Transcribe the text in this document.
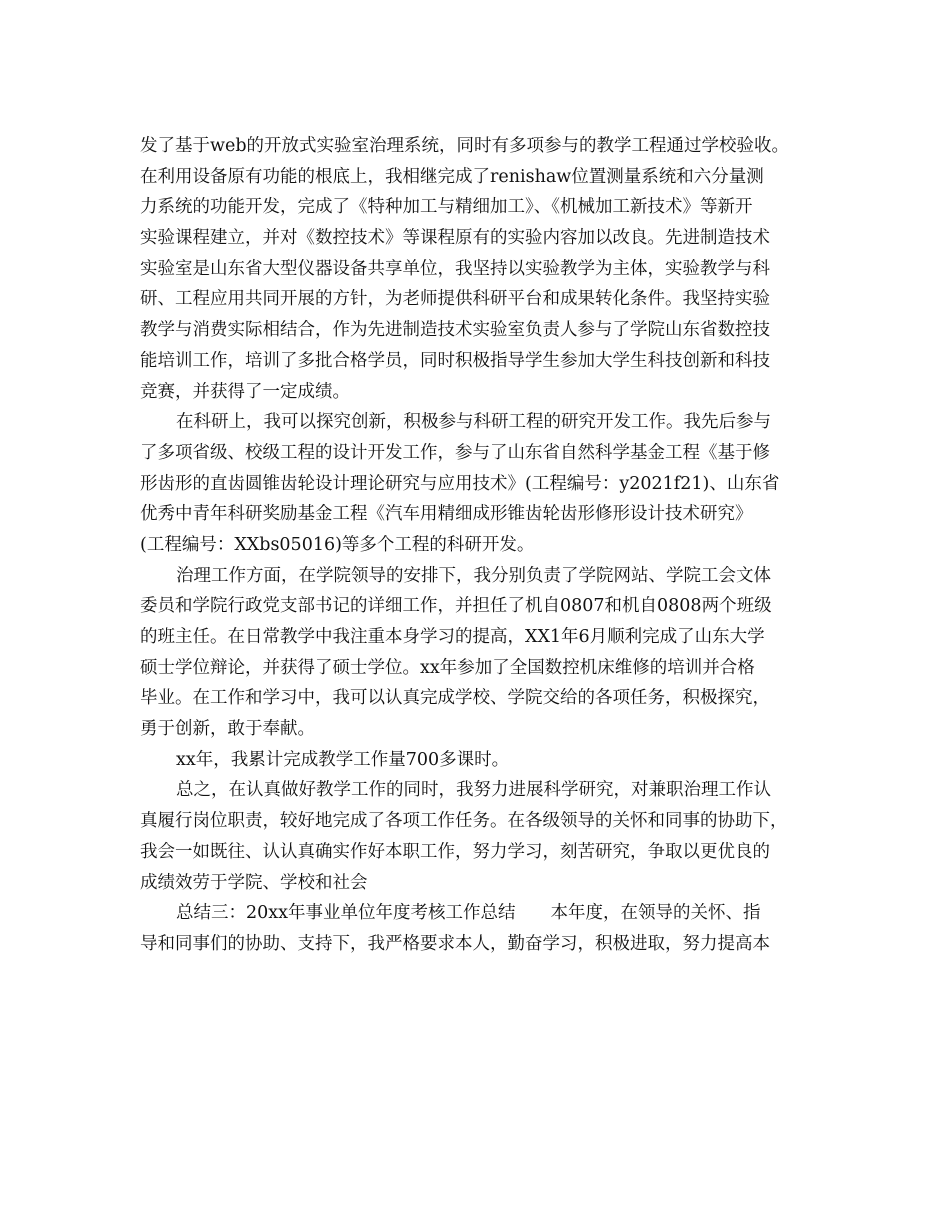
发了基于web的开放式实验室治理系统，同时有多项参与的教学工程通过学校验收。
在利用设备原有功能的根底上，我相继完成了renishaw位置测量系统和六分量测
力系统的功能开发，完成了《特种加工与精细加工》、《机械加工新技术》等新开
实验课程建立，并对《数控技术》等课程原有的实验内容加以改良。先进制造技术
实验室是山东省大型仪器设备共享单位，我坚持以实验教学为主体，实验教学与科
研、工程应用共同开展的方针，为老师提供科研平台和成果转化条件。我坚持实验
教学与消费实际相结合，作为先进制造技术实验室负责人参与了学院山东省数控技
能培训工作，培训了多批合格学员，同时积极指导学生参加大学生科技创新和科技
竞赛，并获得了一定成绩。
在科研上，我可以探究创新，积极参与科研工程的研究开发工作。我先后参与
了多项省级、校级工程的设计开发工作，参与了山东省自然科学基金工程《基于修
形齿形的直齿圆锥齿轮设计理论研究与应用技术》(工程编号：y2021f21)、山东省
优秀中青年科研奖励基金工程《汽车用精细成形锥齿轮齿形修形设计技术研究》
(工程编号：XXbs05016)等多个工程的科研开发。
治理工作方面，在学院领导的安排下，我分别负责了学院网站、学院工会文体
委员和学院行政党支部书记的详细工作，并担任了机自0807和机自0808两个班级
的班主任。在日常教学中我注重本身学习的提高，XX1年6月顺利完成了山东大学
硕士学位辩论，并获得了硕士学位。xx年参加了全国数控机床维修的培训并合格
毕业。在工作和学习中，我可以认真完成学校、学院交给的各项任务，积极探究，
勇于创新，敢于奉献。
xx年，我累计完成教学工作量700多课时。
总之，在认真做好教学工作的同时，我努力进展科学研究，对兼职治理工作认
真履行岗位职责，较好地完成了各项工作任务。在各级领导的关怀和同事的协助下，
我会一如既往、认认真确实作好本职工作，努力学习，刻苦研究，争取以更优良的
成绩效劳于学院、学校和社会
总结三：20xx年事业单位年度考核工作总结　　本年度，在领导的关怀、指
导和同事们的协助、支持下，我严格要求本人，勤奋学习，积极进取，努力提高本
